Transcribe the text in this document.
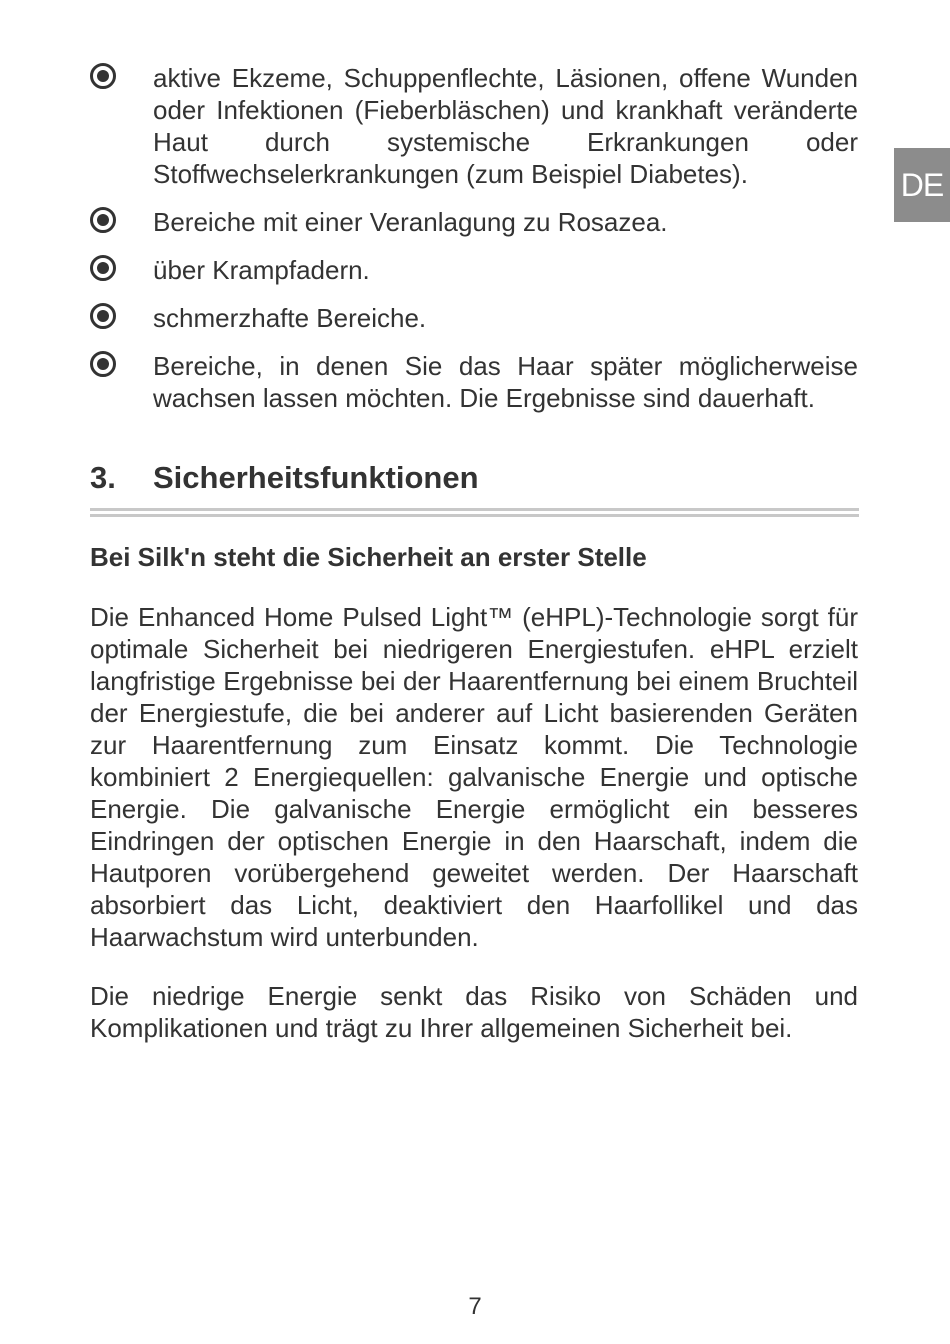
DE
aktive Ekzeme, Schuppenflechte, Läsionen, offene Wunden oder Infektionen (Fieberbläschen) und krankhaft veränderte Haut durch systemische Erkrankungen oder Stoffwechselerkrankungen (zum Beispiel Diabetes).
Bereiche mit einer Veranlagung zu Rosazea.
über Krampfadern.
schmerzhafte Bereiche.
Bereiche, in denen Sie das Haar später möglicherweise wachsen lassen möchten. Die Ergebnisse sind dauerhaft.
3. Sicherheitsfunktionen
Bei Silk'n steht die Sicherheit an erster Stelle
Die Enhanced Home Pulsed Light™ (eHPL)-Technologie sorgt für optimale Sicherheit bei niedrigeren Energiestufen. eHPL erzielt langfristige Ergebnisse bei der Haarentfernung bei einem Bruchteil der Energiestufe, die bei anderer auf Licht basierenden Geräten zur Haarentfernung zum Einsatz kommt. Die Technologie kombiniert 2 Energiequellen: galvanische Energie und optische Energie. Die galvanische Energie ermöglicht ein besseres Eindringen der optischen Energie in den Haarschaft, indem die Hautporen vorübergehend geweitet werden. Der Haarschaft absorbiert das Licht, deaktiviert den Haarfollikel und das Haarwachstum wird unterbunden.
Die niedrige Energie senkt das Risiko von Schäden und Komplikationen und trägt zu Ihrer allgemeinen Sicherheit bei.
7
